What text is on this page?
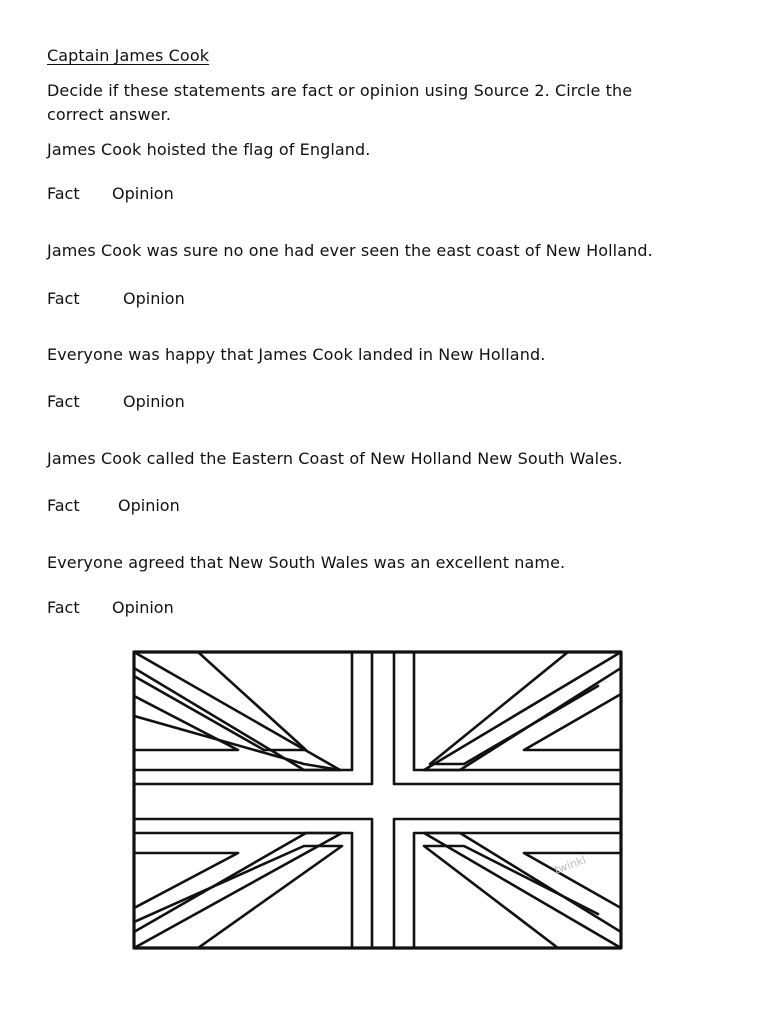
Captain James Cook
Decide if these statements are fact or opinion using Source 2. Circle the correct answer.
James Cook hoisted the flag of England.
Fact Opinion
James Cook was sure no one had ever seen the east coast of New Holland.
Fact	Opinion
Everyone was happy that James Cook landed in New Holland.
Fact	Opinion
James Cook called the Eastern Coast of New Holland New South Wales.
Fact Opinion
Everyone agreed that New South Wales was an excellent name.
Fact Opinion
twinkl
